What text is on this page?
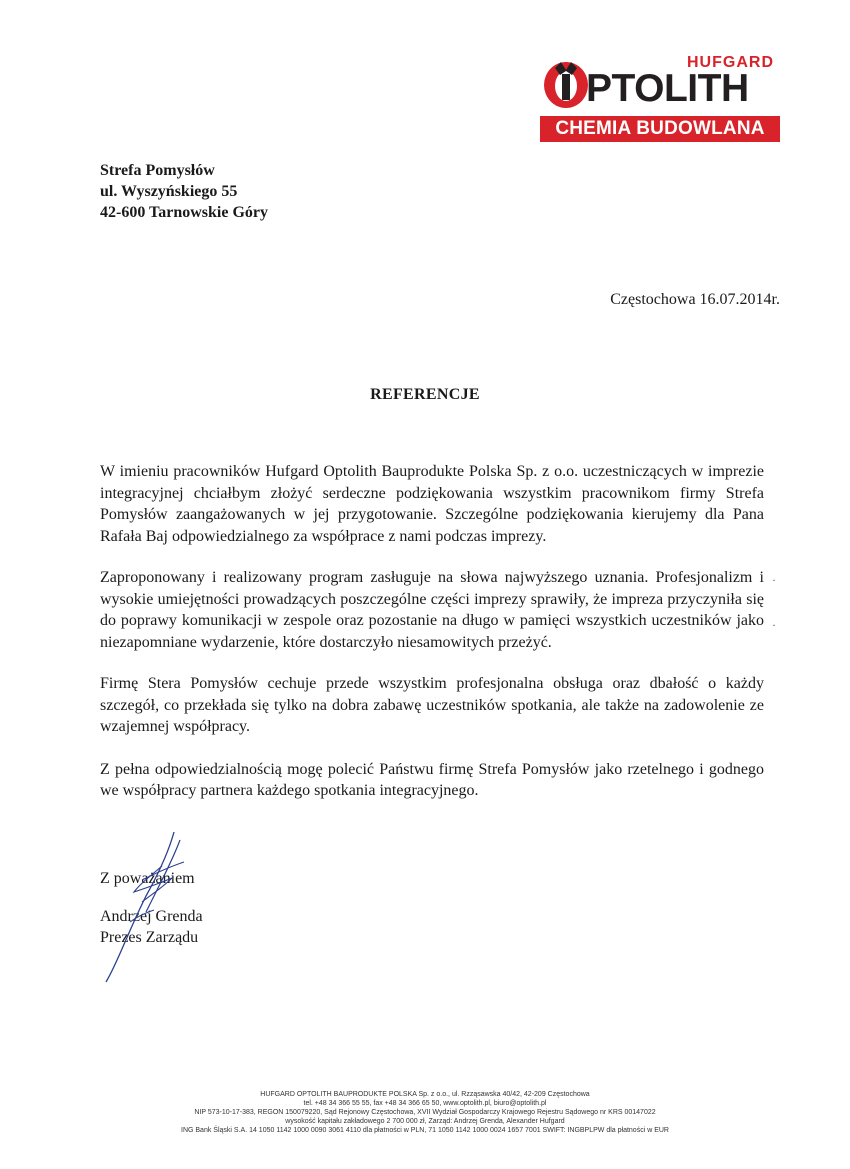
HUFGARD
PTOLITH
CHEMIA BUDOWLANA
Strefa Pomysłów
ul. Wyszyńskiego 55
42-600 Tarnowskie Góry
Częstochowa 16.07.2014r.
REFERENCJE

W imieniu pracowników Hufgard Optolith Bauprodukte Polska Sp. z o.o. uczestniczących w imprezie integracyjnej chciałbym złożyć serdeczne podziękowania wszystkim pracownikom firmy Strefa Pomysłów zaangażowanych w jej przygotowanie. Szczególne podziękowania kierujemy dla Pana Rafała Baj odpowiedzialnego za współprace z nami podczas imprezy.

Zaproponowany i realizowany program zasługuje na słowa najwyższego uznania. Profesjonalizm i wysokie umiejętności prowadzących poszczególne części imprezy sprawiły, że impreza przyczyniła się do poprawy komunikacji w zespole oraz pozostanie na długo w pamięci wszystkich uczestników jako niezapomniane wydarzenie, które dostarczyło niesamowitych przeżyć.

Firmę Stera Pomysłów cechuje przede wszystkim profesjonalna obsługa oraz dbałość o każdy szczegół, co przekłada się tylko na dobra zabawę uczestników spotkania, ale także na zadowolenie ze wzajemnej współpracy.

Z pełna odpowiedzialnością mogę polecić Państwu firmę Strefa Pomysłów jako rzetelnego i godnego we współpracy partnera każdego spotkania integracyjnego.

·
·
Z poważaniem
Andrzej Grenda
Prezes Zarządu
HUFGARD OPTOLITH BAUPRODUKTE POLSKA Sp. z o.o., ul. Rzząsawska 40/42, 42-209 Częstochowa
tel. +48 34 366 55 55, fax +48 34 366 65 50, www.optolith.pl, biuro@optolith.pl
NIP 573-10-17-383, REGON 150079220, Sąd Rejonowy Częstochowa, XVII Wydział Gospodarczy Krajowego Rejestru Sądowego nr KRS 00147022
wysokość kapitału zakładowego 2 700 000 zł, Zarząd: Andrzej Grenda, Alexander Hufgard
ING Bank Śląski S.A. 14 1050 1142 1000 0090 3061 4110 dla płatności w PLN, 71 1050 1142 1000 0024 1657 7001 SWIFT: INGBPLPW dla płatności w EUR
